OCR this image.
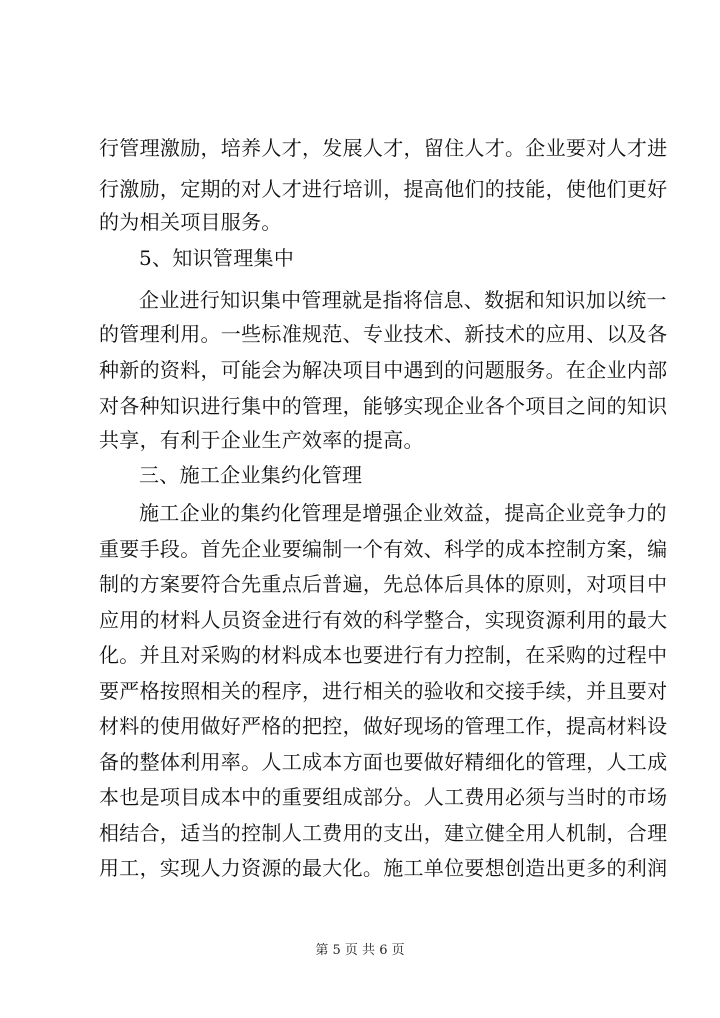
行管理激励，培养人才，发展人才，留住人才。企业要对人才进
行激励，定期的对人才进行培训，提高他们的技能，使他们更好
的为相关项目服务。
5、知识管理集中
企业进行知识集中管理就是指将信息、数据和知识加以统一
的管理利用。一些标准规范、专业技术、新技术的应用、以及各
种新的资料，可能会为解决项目中遇到的问题服务。在企业内部
对各种知识进行集中的管理，能够实现企业各个项目之间的知识
共享，有利于企业生产效率的提高。
三、施工企业集约化管理
施工企业的集约化管理是增强企业效益，提高企业竞争力的
重要手段。首先企业要编制一个有效、科学的成本控制方案，编
制的方案要符合先重点后普遍，先总体后具体的原则，对项目中
应用的材料人员资金进行有效的科学整合，实现资源利用的最大
化。并且对采购的材料成本也要进行有力控制，在采购的过程中
要严格按照相关的程序，进行相关的验收和交接手续，并且要对
材料的使用做好严格的把控，做好现场的管理工作，提高材料设
备的整体利用率。人工成本方面也要做好精细化的管理，人工成
本也是项目成本中的重要组成部分。人工费用必须与当时的市场
相结合，适当的控制人工费用的支出，建立健全用人机制，合理
用工，实现人力资源的最大化。施工单位要想创造出更多的利润
第 5 页 共 6 页
